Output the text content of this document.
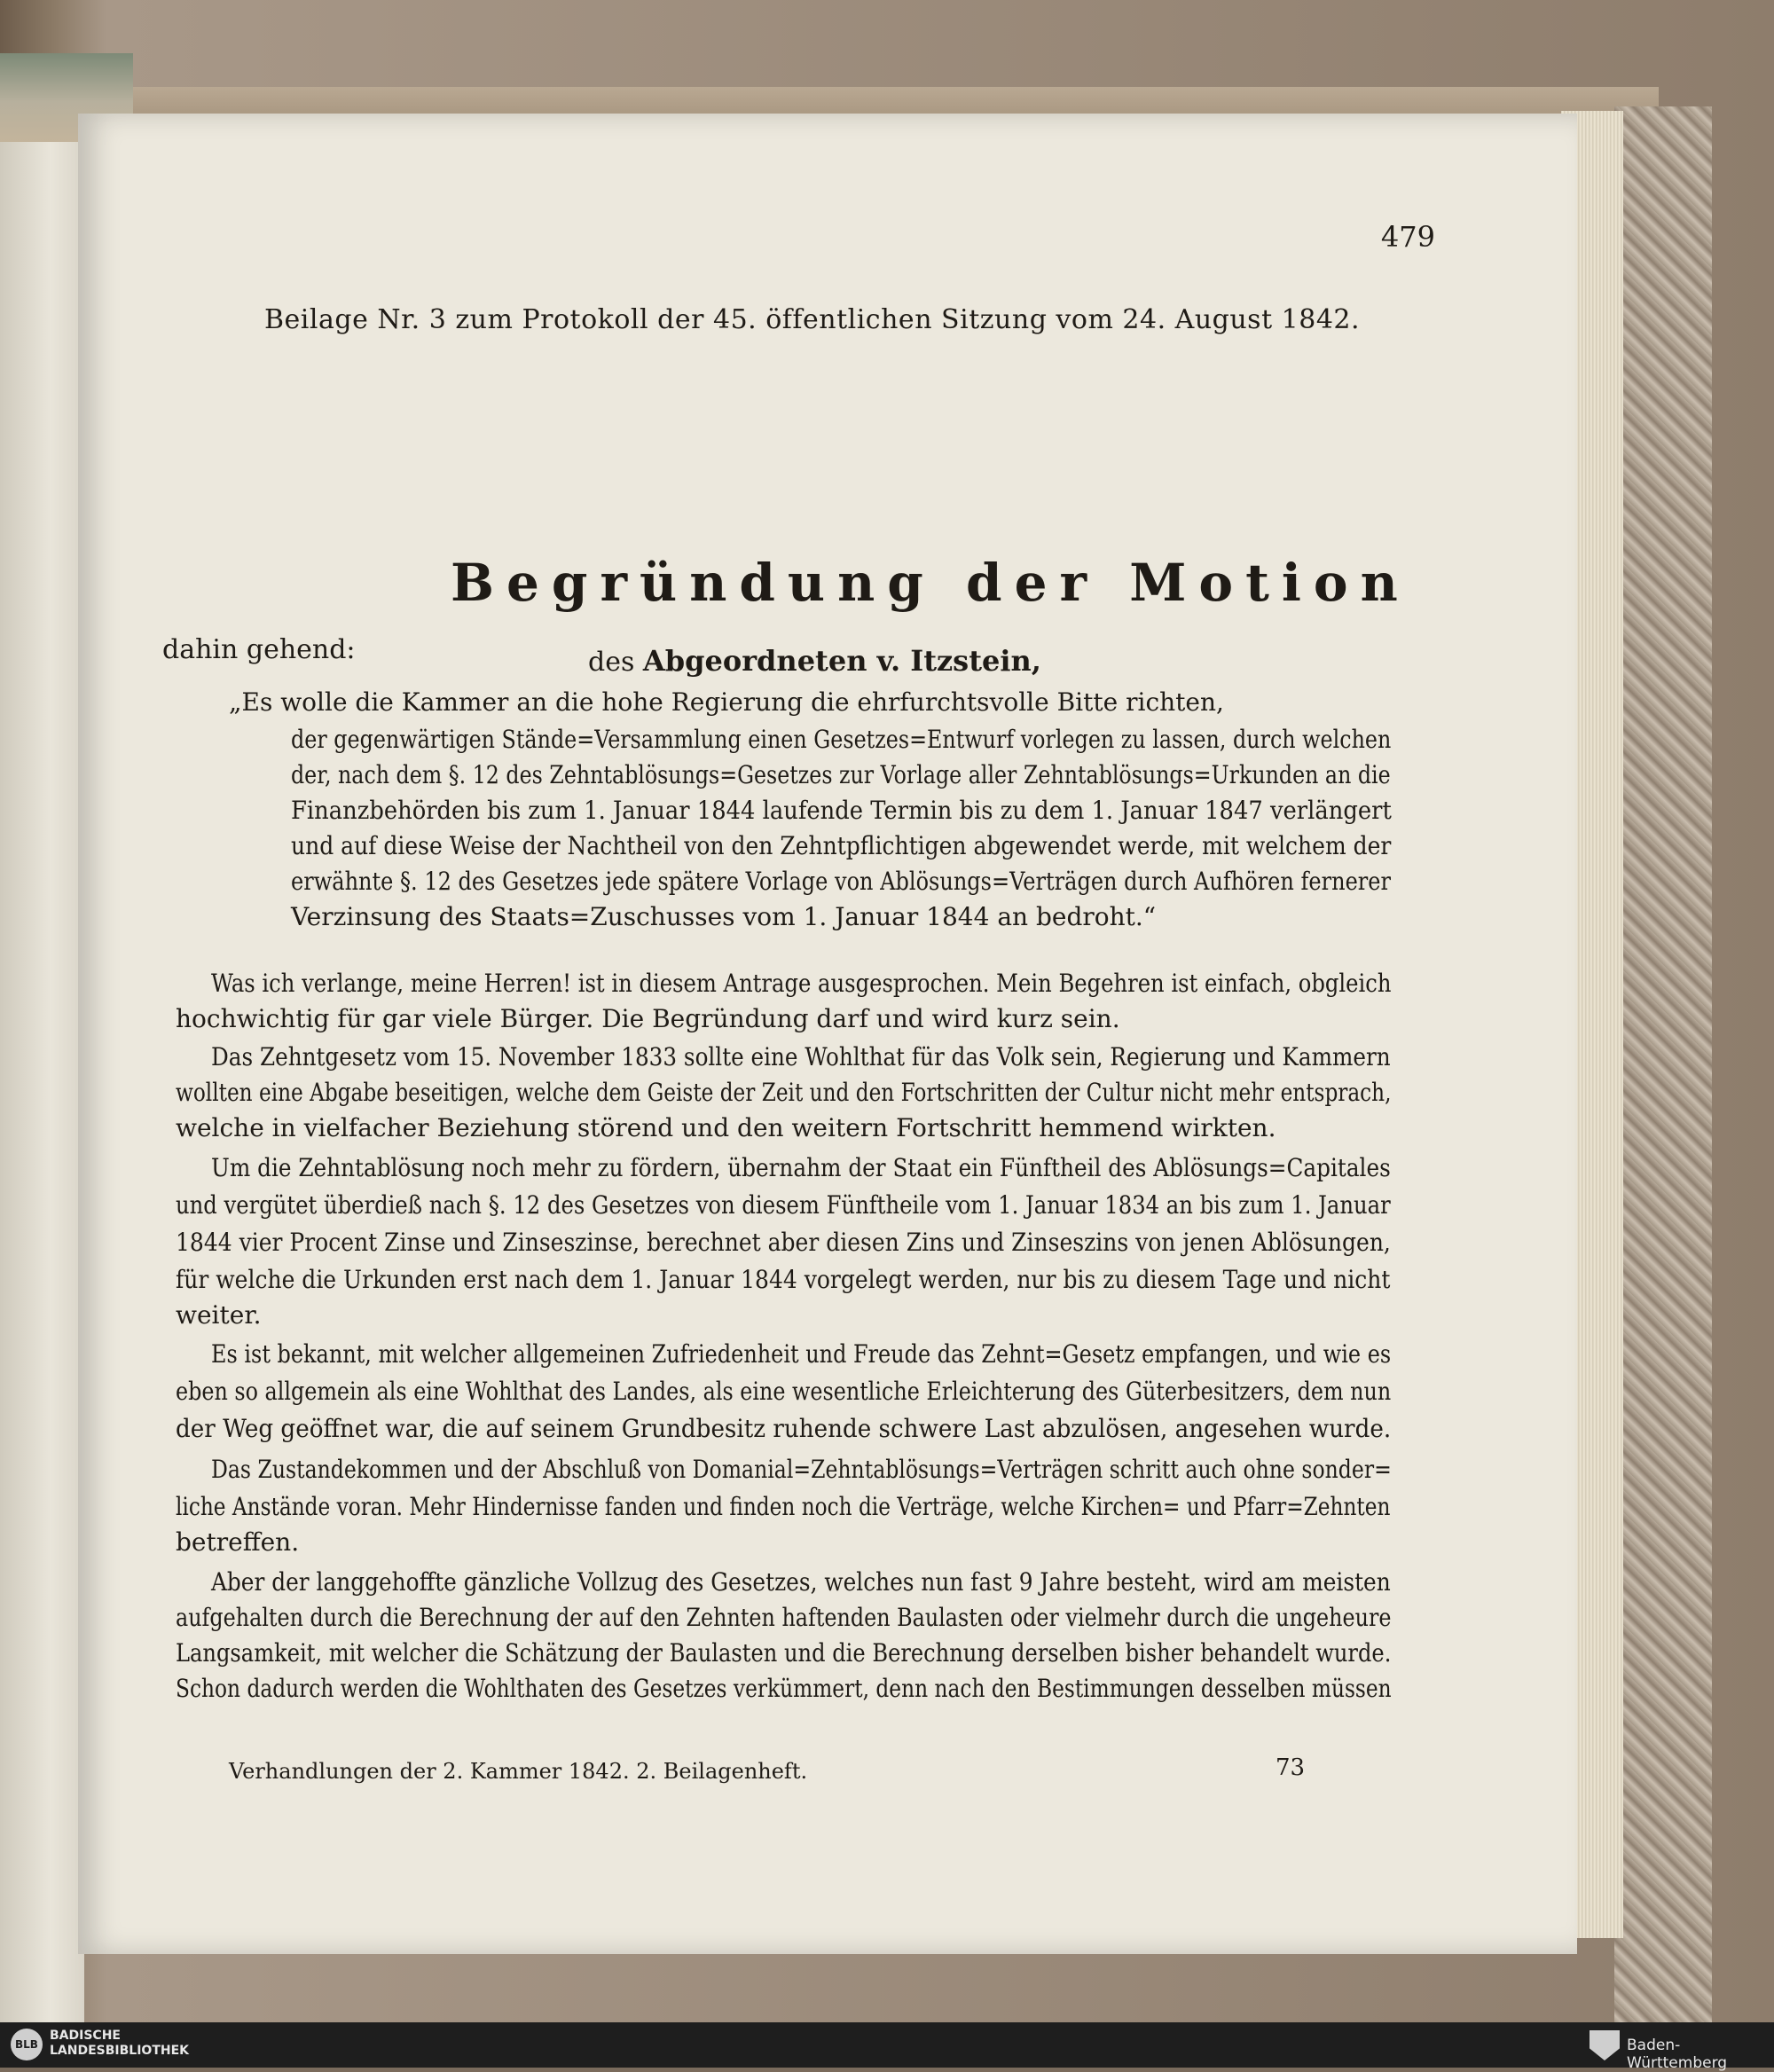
479
Beilage Nr. 3 zum Protokoll der 45. öffentlichen Sitzung vom 24. August 1842.
Begründung der Motion
des Abgeordneten v. Itzstein,
dahin gehend:
„Es wolle die Kammer an die hohe Regierung die ehrfurchtsvolle Bitte richten,
der gegenwärtigen Stände=Versammlung einen Gesetzes=Entwurf vorlegen zu lassen, durch welchen
der, nach dem §. 12 des Zehntablösungs=Gesetzes zur Vorlage aller Zehntablösungs=Urkunden an die
Finanzbehörden bis zum 1. Januar 1844 laufende Termin bis zu dem 1. Januar 1847 verlängert
und auf diese Weise der Nachtheil von den Zehntpflichtigen abgewendet werde, mit welchem der
erwähnte §. 12 des Gesetzes jede spätere Vorlage von Ablösungs=Verträgen durch Aufhören fernerer
Verzinsung des Staats=Zuschusses vom 1. Januar 1844 an bedroht.“
Was ich verlange, meine Herren! ist in diesem Antrage ausgesprochen. Mein Begehren ist einfach, obgleich
hochwichtig für gar viele Bürger. Die Begründung darf und wird kurz sein.
Das Zehntgesetz vom 15. November 1833 sollte eine Wohlthat für das Volk sein, Regierung und Kammern
wollten eine Abgabe beseitigen, welche dem Geiste der Zeit und den Fortschritten der Cultur nicht mehr entsprach,
welche in vielfacher Beziehung störend und den weitern Fortschritt hemmend wirkten.
Um die Zehntablösung noch mehr zu fördern, übernahm der Staat ein Fünftheil des Ablösungs=Capitales
und vergütet überdieß nach §. 12 des Gesetzes von diesem Fünftheile vom 1. Januar 1834 an bis zum 1. Januar
1844 vier Procent Zinse und Zinseszinse, berechnet aber diesen Zins und Zinseszins von jenen Ablösungen,
für welche die Urkunden erst nach dem 1. Januar 1844 vorgelegt werden, nur bis zu diesem Tage und nicht
weiter.
Es ist bekannt, mit welcher allgemeinen Zufriedenheit und Freude das Zehnt=Gesetz empfangen, und wie es
eben so allgemein als eine Wohlthat des Landes, als eine wesentliche Erleichterung des Güterbesitzers, dem nun
der Weg geöffnet war, die auf seinem Grundbesitz ruhende schwere Last abzulösen, angesehen wurde.
Das Zustandekommen und der Abschluß von Domanial=Zehntablösungs=Verträgen schritt auch ohne sonder=
liche Anstände voran. Mehr Hindernisse fanden und finden noch die Verträge, welche Kirchen= und Pfarr=Zehnten
betreffen.
Aber der langgehoffte gänzliche Vollzug des Gesetzes, welches nun fast 9 Jahre besteht, wird am meisten
aufgehalten durch die Berechnung der auf den Zehnten haftenden Baulasten oder vielmehr durch die ungeheure
Langsamkeit, mit welcher die Schätzung der Baulasten und die Berechnung derselben bisher behandelt wurde.
Schon dadurch werden die Wohlthaten des Gesetzes verkümmert, denn nach den Bestimmungen desselben müssen
Verhandlungen der 2. Kammer 1842. 2. Beilagenheft.	73
BLB
BADISCHE
LANDESBIBLIOTHEK	Baden-Württemberg
